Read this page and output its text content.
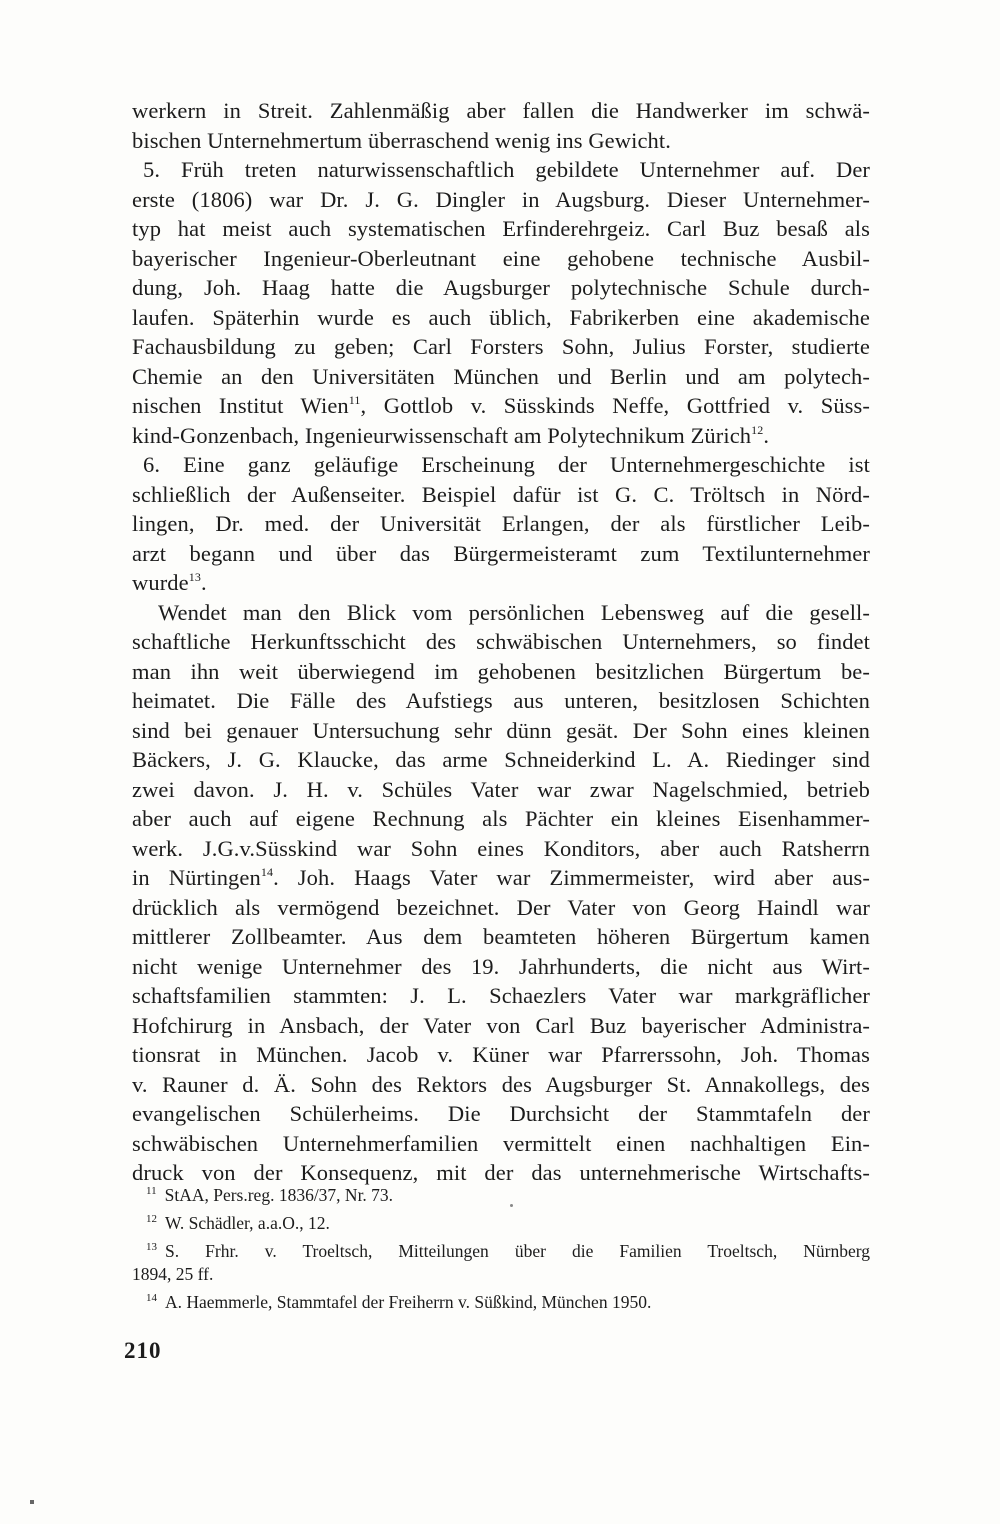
werkern in Streit. Zahlenmäßig aber fallen die Handwerker im schwä-
bischen Unternehmertum überraschend wenig ins Gewicht.
5. Früh treten naturwissenschaftlich gebildete Unternehmer auf. Der
erste (1806) war Dr. J. G. Dingler in Augsburg. Dieser Unternehmer-
typ hat meist auch systematischen Erfinderehrgeiz. Carl Buz besaß als
bayerischer Ingenieur-Oberleutnant eine gehobene technische Ausbil-
dung, Joh. Haag hatte die Augsburger polytechnische Schule durch-
laufen. Späterhin wurde es auch üblich, Fabrikerben eine akademische
Fachausbildung zu geben; Carl Forsters Sohn, Julius Forster, studierte
Chemie an den Universitäten München und Berlin und am polytech-
nischen Institut Wien$^{11}$, Gottlob v. Süsskinds Neffe, Gottfried v. Süss-
kind-Gonzenbach, Ingenieurwissenschaft am Polytechnikum Zürich$^{12}$.
6. Eine ganz geläufige Erscheinung der Unternehmergeschichte ist
schließlich der Außenseiter. Beispiel dafür ist G. C. Tröltsch in Nörd-
lingen, Dr. med. der Universität Erlangen, der als fürstlicher Leib-
arzt begann und über das Bürgermeisteramt zum Textilunternehmer
wurde$^{13}$.
Wendet man den Blick vom persönlichen Lebensweg auf die gesell-
schaftliche Herkunftsschicht des schwäbischen Unternehmers, so findet
man ihn weit überwiegend im gehobenen besitzlichen Bürgertum be-
heimatet. Die Fälle des Aufstiegs aus unteren, besitzlosen Schichten
sind bei genauer Untersuchung sehr dünn gesät. Der Sohn eines kleinen
Bäckers, J. G. Klaucke, das arme Schneiderkind L. A. Riedinger sind
zwei davon. J. H. v. Schüles Vater war zwar Nagelschmied, betrieb
aber auch auf eigene Rechnung als Pächter ein kleines Eisenhammer-
werk. J.G.v.Süsskind war Sohn eines Konditors, aber auch Ratsherrn
in Nürtingen$^{14}$. Joh. Haags Vater war Zimmermeister, wird aber aus-
drücklich als vermögend bezeichnet. Der Vater von Georg Haindl war
mittlerer Zollbeamter. Aus dem beamteten höheren Bürgertum kamen
nicht wenige Unternehmer des 19. Jahrhunderts, die nicht aus Wirt-
schaftsfamilien stammten: J. L. Schaezlers Vater war markgräflicher
Hofchirurg in Ansbach, der Vater von Carl Buz bayerischer Administra-
tionsrat in München. Jacob v. Küner war Pfarrerssohn, Joh. Thomas
v. Rauner d. Ä. Sohn des Rektors des Augsburger St. Annakollegs, des
evangelischen Schülerheims. Die Durchsicht der Stammtafeln der
schwäbischen Unternehmerfamilien vermittelt einen nachhaltigen Ein-
druck von der Konsequenz, mit der das unternehmerische Wirtschafts-
$^{11}$ StAA, Pers.reg. 1836/37, Nr. 73.
$^{12}$ W. Schädler, a.a.O., 12.
$^{13}$ S. Frhr. v. Troeltsch, Mitteilungen über die Familien Troeltsch, Nürnberg
1894, 25 ff.
$^{14}$ A. Haemmerle, Stammtafel der Freiherrn v. Süßkind, München 1950.
210
